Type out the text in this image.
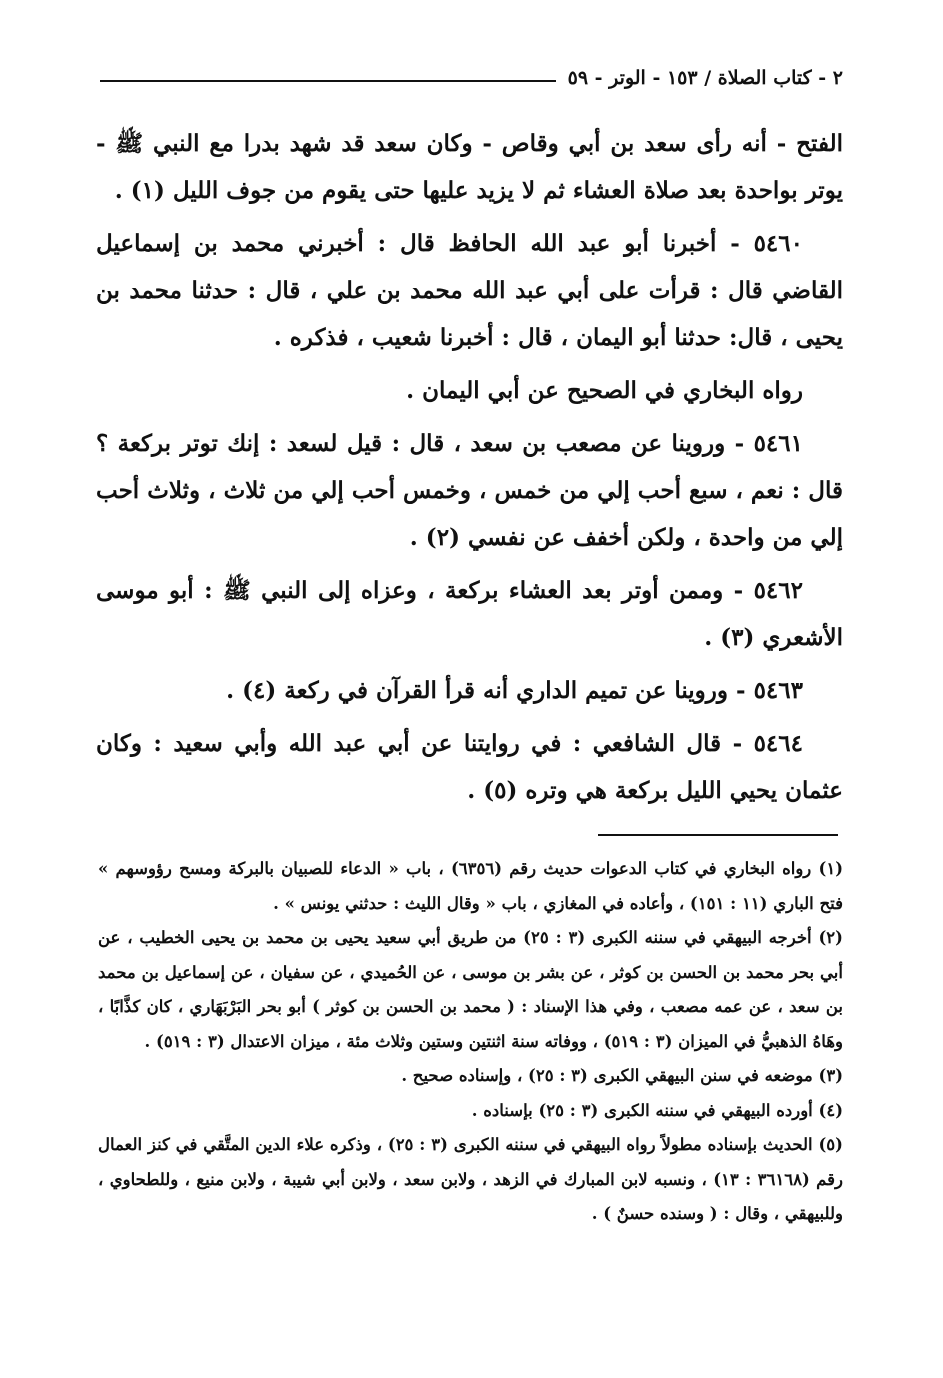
٢ - كتاب الصلاة / ١٥٣ - الوتر - ٥٩

الفتح - أنه رأى سعد بن أبي وقاص - وكان سعد قد شهد بدرا مع النبي ﷺ - يوتر بواحدة بعد صلاة العشاء ثم لا يزيد عليها حتى يقوم من جوف الليل (١) .

٥٤٦٠ - أخبرنا أبو عبد الله الحافظ قال : أخبرني محمد بن إسماعيل القاضي قال : قرأت على أبي عبد الله محمد بن علي ، قال : حدثنا محمد بن يحيى ، قال: حدثنا أبو اليمان ، قال : أخبرنا شعيب ، فذكره .

رواه البخاري في الصحيح عن أبي اليمان .

٥٤٦١ - وروينا عن مصعب بن سعد ، قال : قيل لسعد : إنك توتر بركعة ؟ قال : نعم ، سبع أحب إلي من خمس ، وخمس أحب إلي من ثلاث ، وثلاث أحب إلي من واحدة ، ولكن أخفف عن نفسي (٢) .

٥٤٦٢ - وممن أوتر بعد العشاء بركعة ، وعزاه إلى النبي ﷺ : أبو موسى الأشعري (٣) .

٥٤٦٣ - وروينا عن تميم الداري أنه قرأ القرآن في ركعة (٤) .

٥٤٦٤ - قال الشافعي : في روايتنا عن أبي عبد الله وأبي سعيد : وكان عثمان يحيي الليل بركعة هي وتره (٥) .

(١) رواه البخاري في كتاب الدعوات حديث رقم (٦٣٥٦) ، باب « الدعاء للصبيان بالبركة ومسح رؤوسهم » فتح الباري (١١ : ١٥١) ، وأعاده في المغازي ، باب « وقال الليث : حدثني يونس » .

(٢) أخرجه البيهقي في سننه الكبرى (٣ : ٢٥) من طريق أبي سعيد يحيى بن محمد بن يحيى الخطيب ، عن أبي بحر محمد بن الحسن بن كوثر ، عن بشر بن موسى ، عن الحُميدي ، عن سفيان ، عن إسماعيل بن محمد بن سعد ، عن عمه مصعب ، وفي هذا الإسناد : ( محمد بن الحسن بن كوثر ) أبو بحر البَرْبَهَاري ، كان كذَّابًا ، وهَاهُ الذهبيُّ في الميزان (٣ : ٥١٩) ، ووفاته سنة اثنتين وستين وثلاث مئة ، ميزان الاعتدال (٣ : ٥١٩) .

(٣) موضعه في سنن البيهقي الكبرى (٣ : ٢٥) ، وإسناده صحيح .

(٤) أورده البيهقي في سننه الكبرى (٣ : ٢٥) بإسناده .

(٥) الحديث بإسناده مطولاً رواه البيهقي في سننه الكبرى (٣ : ٢٥) ، وذكره علاء الدين المتَّقي في كنز العمال رقم (٣٦١٦٨ : ١٣) ، ونسبه لابن المبارك في الزهد ، ولابن سعد ، ولابن أبي شيبة ، ولابن منيع ، وللطحاوي ، وللبيهقي ، وقال : ( وسنده حسنٌ ) .
